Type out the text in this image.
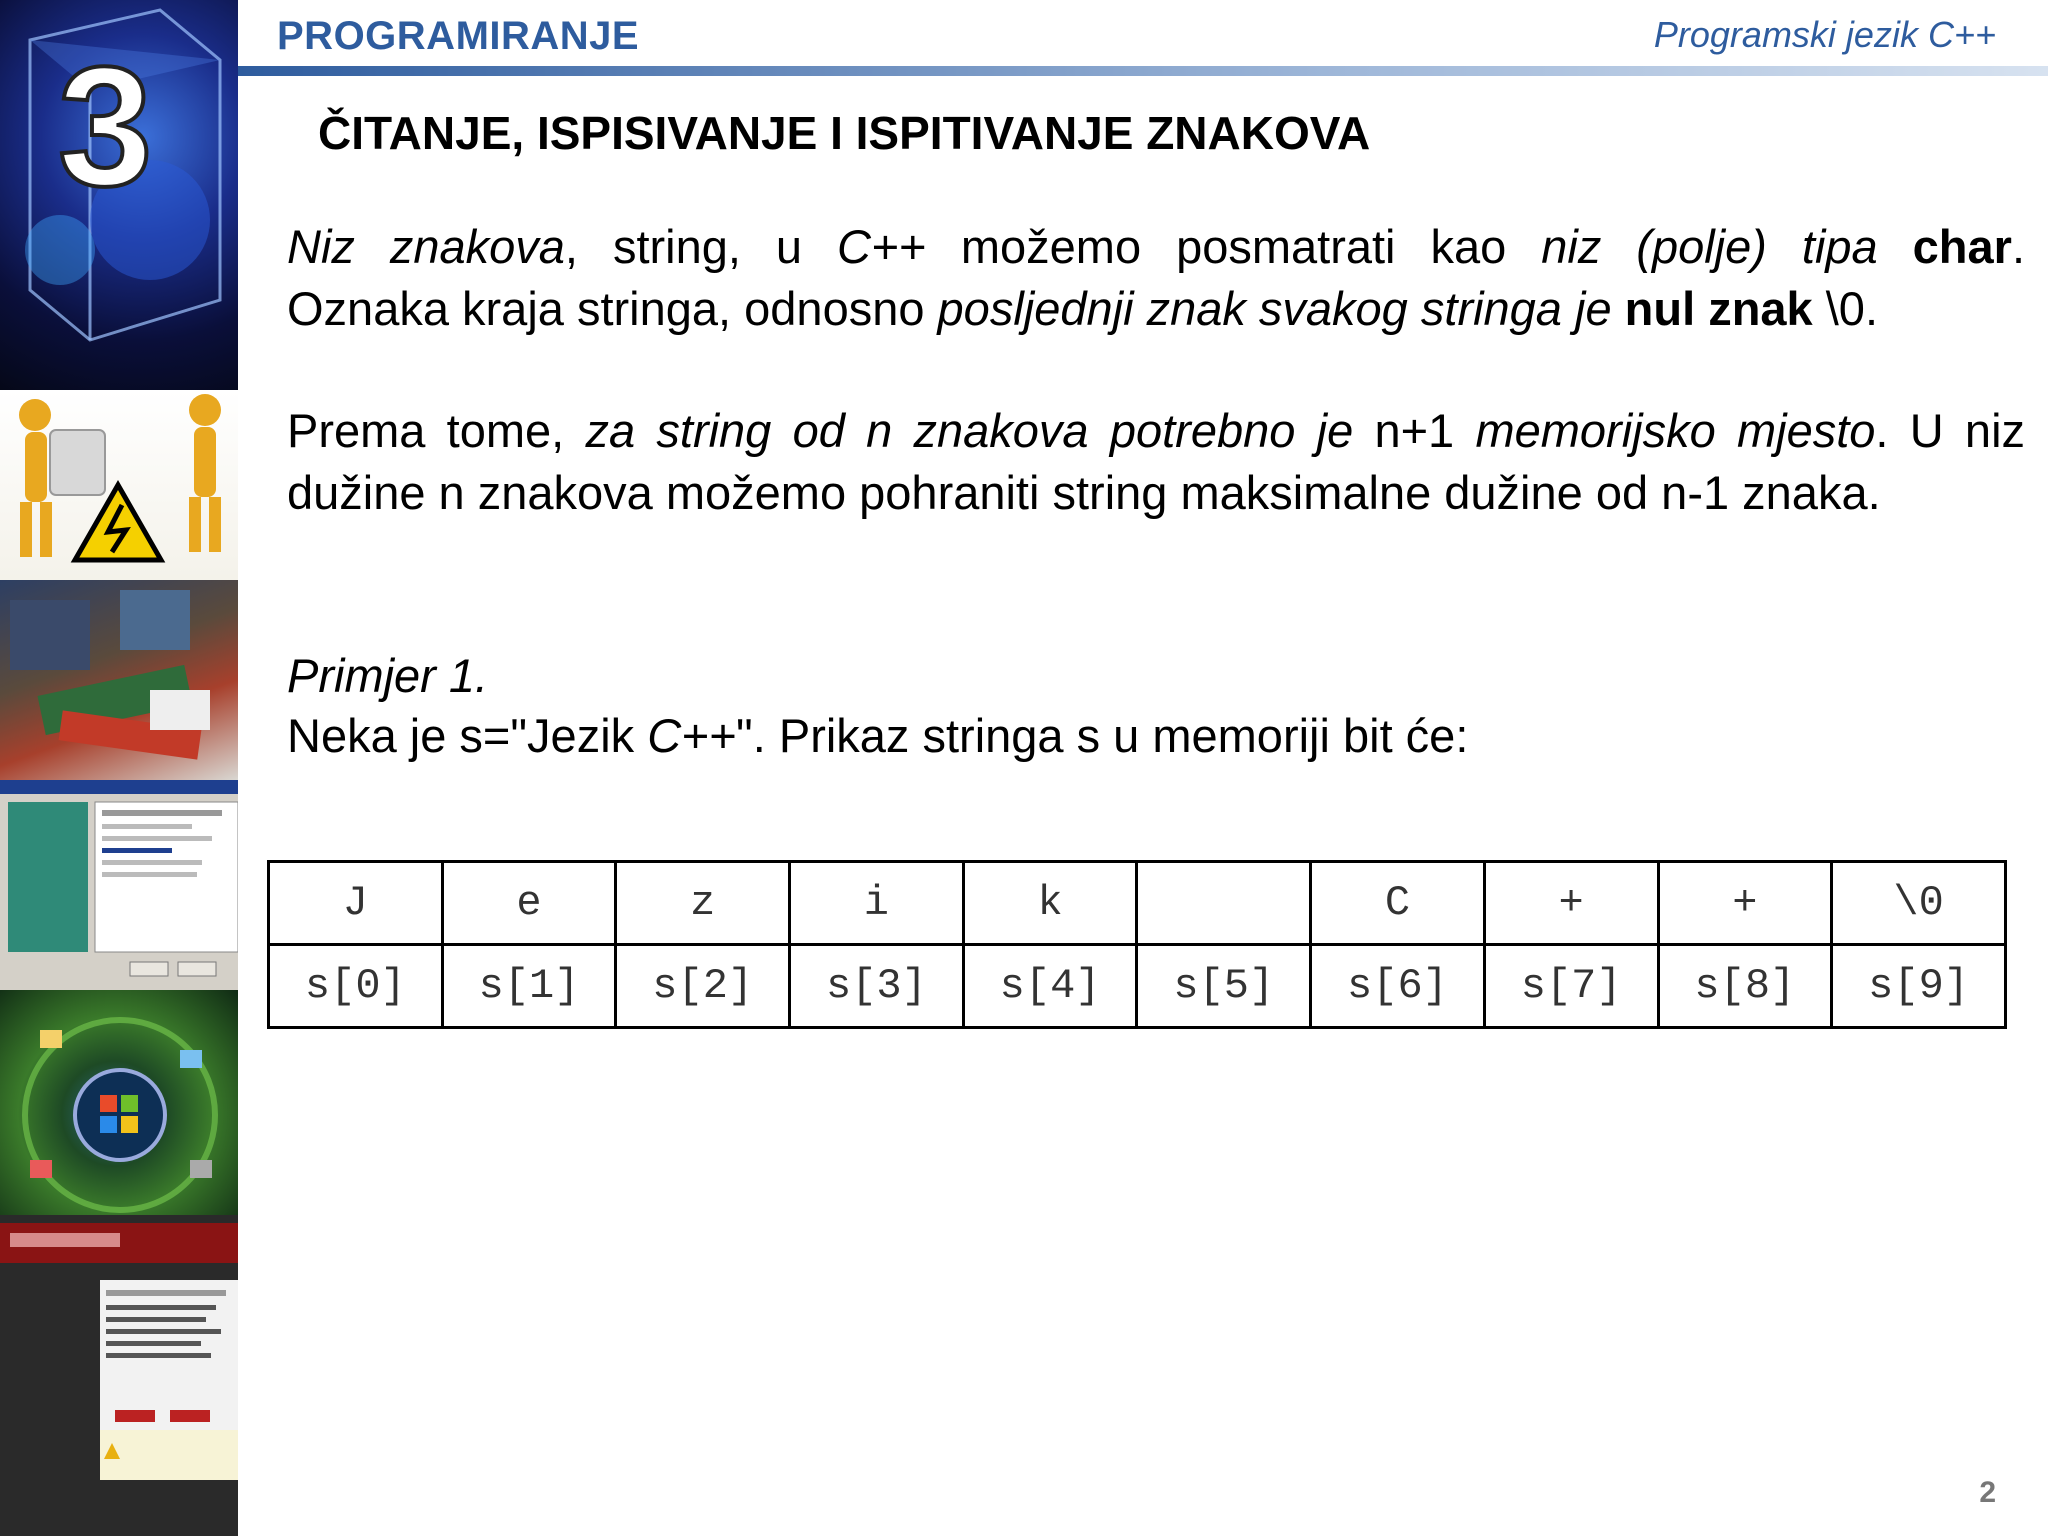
3	PROGRAMIRANJE	Programski jezik C++
ČITANJE, ISPISIVANJE I ISPITIVANJE ZNAKOVA
Niz znakova, string, u C++ možemo posmatrati kao niz (polje) tipa char.
Oznaka kraja stringa, odnosno posljednji znak svakog stringa je nul znak \0.
Prema tome, za string od n znakova potrebno je n+1 memorijsko mjesto. U niz dužine n znakova možemo pohraniti string maksimalne dužine od n-1 znaka.
Primjer 1.
Neka je s="Jezik C++". Prikaz stringa s u memoriji bit će:
J	e	z	i	k		C	+	+	\0
s[0]	s[1]	s[2]	s[3]	s[4]	s[5]	s[6]	s[7]	s[8]	s[9]
2
